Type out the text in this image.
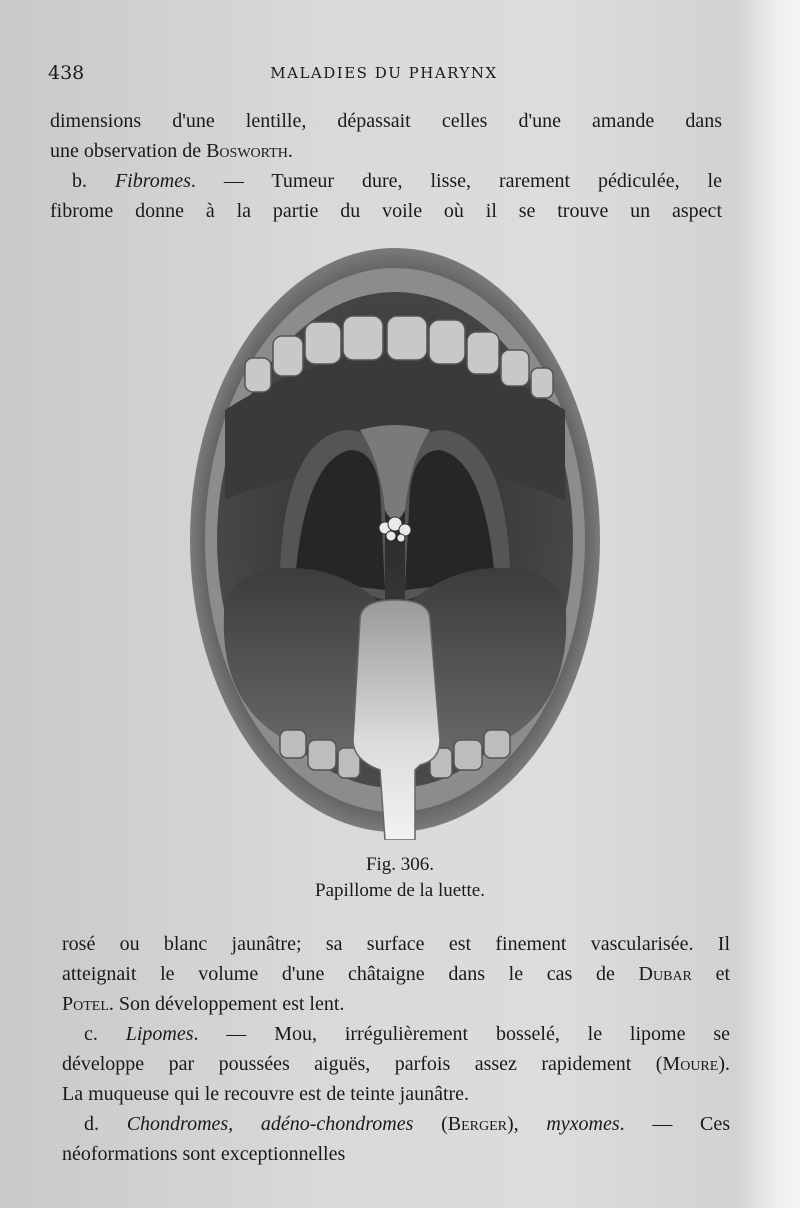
438	MALADIES DU PHARYNX
dimensions d'une lentille, dépassait celles d'une amande dans
une observation de Bosworth.
b. Fibromes. — Tumeur dure, lisse, rarement pédiculée, le
fibrome donne à la partie du voile où il se trouve un aspect
Fig. 306.
Papillome de la luette.
rosé ou blanc jaunâtre; sa surface est finement vascularisée. Il
atteignait le volume d'une châtaigne dans le cas de Dubar et
Potel. Son développement est lent.
c. Lipomes. — Mou, irrégulièrement bosselé, le lipome se
développe par poussées aiguës, parfois assez rapidement (Moure).
La muqueuse qui le recouvre est de teinte jaunâtre.
d. Chondromes, adéno-chondromes (Berger), myxomes. — Ces
néoformations sont exceptionnelles
